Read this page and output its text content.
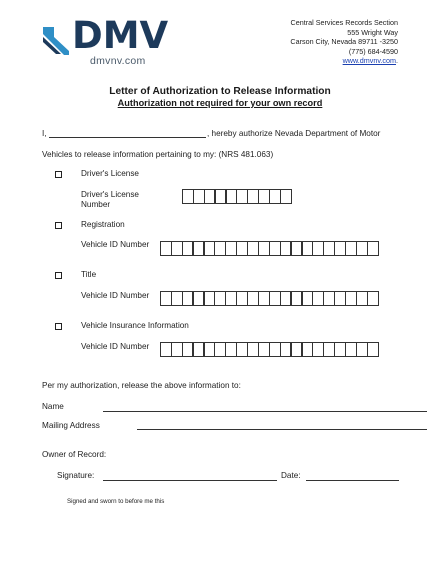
DMV
dmvnv.com
Central Services Records Section
555 Wright Way
Carson City, Nevada 89711 -3250
(775) 684-4590
www.dmvnv.com.
Letter of Authorization to Release Information
Authorization not required for your own record
I,	, hereby authorize Nevada Department of Motor
Vehicles to release information pertaining to my: (NRS 481.063)
Driver's License
Driver's License
Number
Registration
Vehicle ID Number
Title
Vehicle ID Number
Vehicle Insurance Information
Vehicle ID Number
Per my authorization, release the above information to:
Name
Mailing Address
Owner of Record:
Signature:	Date:
Signed and sworn to before me this
